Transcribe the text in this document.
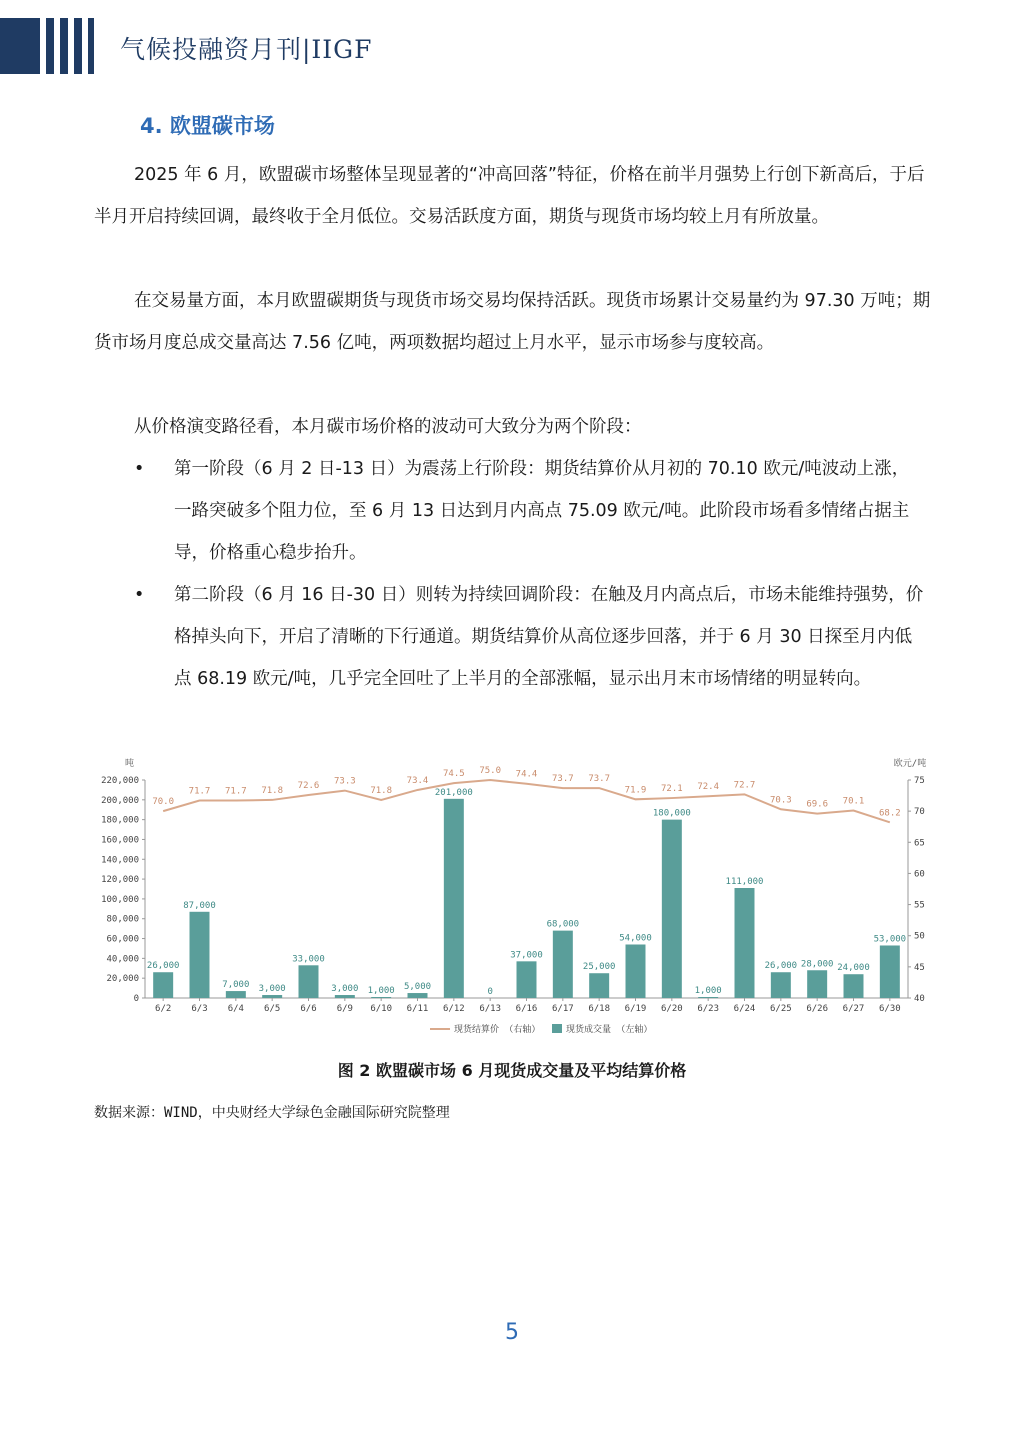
气候投融资月刊|IIGF
4. 欧盟碳市场
2025 年 6 月，欧盟碳市场整体呈现显著的“冲高回落”特征，价格在前半月强势上行创下新高后，于后半月开启持续回调，最终收于全月低位。交易活跃度方面，期货与现货市场均较上月有所放量。
在交易量方面，本月欧盟碳期货与现货市场交易均保持活跃。现货市场累计交易量约为 97.30 万吨；期货市场月度总成交量高达 7.56 亿吨，两项数据均超过上月水平，显示市场参与度较高。
从价格演变路径看，本月碳市场价格的波动可大致分为两个阶段：
• 第一阶段（6 月 2 日-13 日）为震荡上行阶段：期货结算价从月初的 70.10 欧元/吨波动上涨，一路突破多个阻力位，至 6 月 13 日达到月内高点 75.09 欧元/吨。此阶段市场看多情绪占据主导，价格重心稳步抬升。
• 第二阶段（6 月 16 日-30 日）则转为持续回调阶段：在触及月内高点后，市场未能维持强势，价格掉头向下，开启了清晰的下行通道。期货结算价从高位逐步回落，并于 6 月 30 日探至月内低点 68.19 欧元/吨，几乎完全回吐了上半月的全部涨幅，显示出月末市场情绪的明显转向。
吨	欧元/吨
0
20,000
40,000
60,000
80,000
100,000
120,000
140,000
160,000
180,000
200,000
220,000
40
45
50
55
60
65
70
75
26,000
6/2
87,000
6/3
7,000
6/4
3,000
6/5
33,000
6/6
3,000
6/9
1,000
6/10
5,000
6/11
201,000
6/12
0
6/13
37,000
6/16
68,000
6/17
25,000
6/18
54,000
6/19
180,000
6/20
1,000
6/23
111,000
6/24
26,000
6/25
28,000
6/26
24,000
6/27
53,000
6/30
70.0
71.7 71.7 71.8 72.6 73.3
71.8
73.4
74.5 75.0 74.4 73.7 73.7
71.9 72.1 72.4 72.7
70.3 69.6 70.1
68.2
现货结算价 （右轴）	现货成交量 （左轴）
图 2 欧盟碳市场 6 月现货成交量及平均结算价格
数据来源：WIND，中央财经大学绿色金融国际研究院整理
5
